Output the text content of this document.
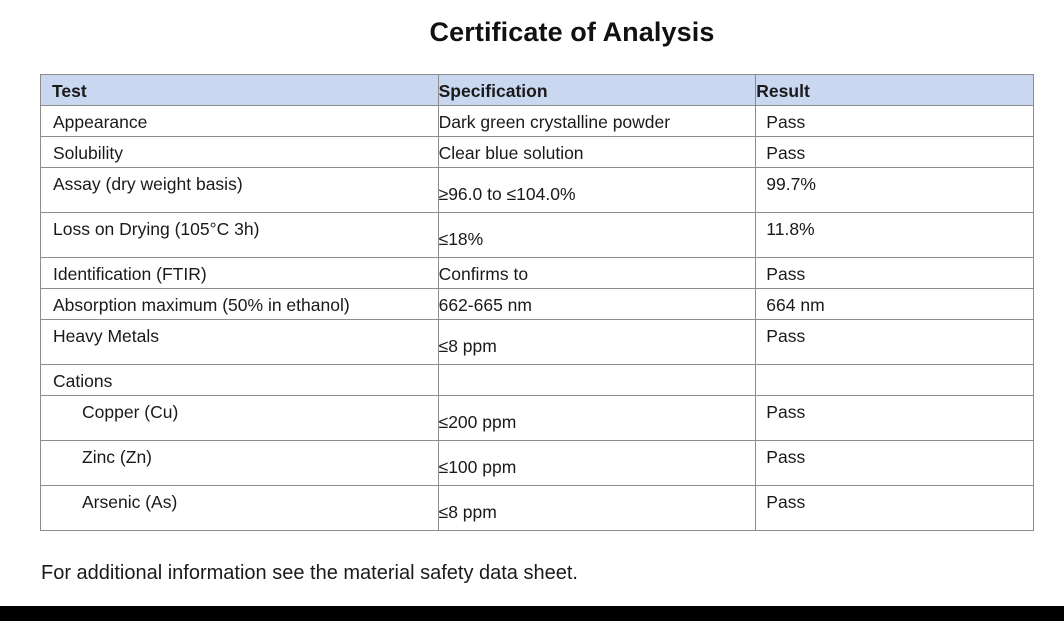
Certificate of Analysis
Test	Specification	Result

Appearance	Dark green crystalline powder	Pass

Solubility	Clear blue solution	Pass

Assay (dry weight basis)	≥96.0 to ≤104.0%	99.7%

Loss on Drying (105°C 3h)	≤18%	11.8%

Identification (FTIR)	Confirms to	Pass

Absorption maximum (50% in ethanol)	662-665 nm	664 nm

Heavy Metals	≤8 ppm	Pass

Cations		

Copper (Cu)	≤200 ppm	Pass

Zinc (Zn)	≤100 ppm	Pass

Arsenic (As)	≤8 ppm	Pass
For additional information see the material safety data sheet.
